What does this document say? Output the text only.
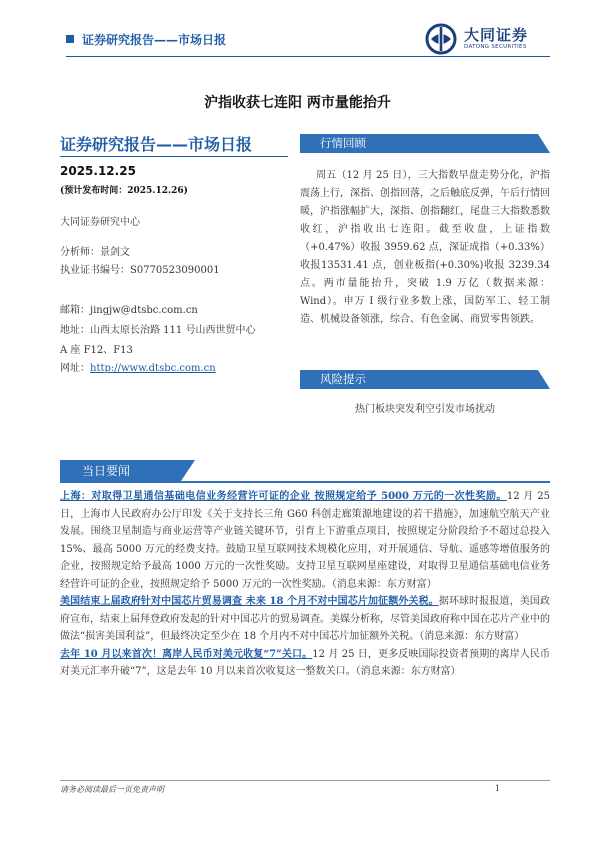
证券研究报告——市场日报	大同证券
DATONG SECURITIES
沪指收获七连阳 两市量能抬升
证券研究报告——市场日报
2025.12.25
(预计发布时间：2025.12.26)
大同证券研究中心
分析师：景剑文
执业证书编号：S0770523090001
邮箱：jingjw@dtsbc.com.cn
地址：山西太原长治路 111 号山西世贸中心
A 座 F12、F13
网址：http://www.dtsbc.com.cn
行情回顾
周五（12 月 25 日），三大指数早盘走势分化，沪指震荡上行，深指、创指回落，之后触底反弹，午后行情回暖，沪指涨幅扩大，深指、创指翻红，尾盘三大指数悉数收红，沪指收出七连阳。截至收盘，上证指数（+0.47%）收报 3959.62 点，深证成指（+0.33%）收报13531.41 点，创业板指(+0.30%)收报 3239.34点。两市量能抬升，突破 1.9 万亿（数据来源：Wind）。申万 I 级行业多数上涨，国防军工、轻工制造、机械设备领涨，综合、有色金属、商贸零售领跌。
风险提示
热门板块突发利空引发市场扰动
当日要闻

上海：对取得卫星通信基础电信业务经营许可证的企业 按照规定给予 5000 万元的一次性奖励。12 月 25 日，上海市人民政府办公厅印发《关于支持长三角 G60 科创走廊策源地建设的若干措施》，加速航空航天产业发展。围绕卫星制造与商业运营等产业链关键环节，引育上下游重点项目，按照规定分阶段给予不超过总投入 15%、最高 5000 万元的经费支持。鼓励卫星互联网技术规模化应用，对开展通信、导航、遥感等增值服务的企业，按照规定给予最高 1000 万元的一次性奖励。支持卫星互联网星座建设，对取得卫星通信基础电信业务经营许可证的企业，按照规定给予 5000 万元的一次性奖励。（消息来源：东方财富）

美国结束上届政府针对中国芯片贸易调查 未来 18 个月不对中国芯片加征额外关税。据环球时报报道，美国政府宣布，结束上届拜登政府发起的针对中国芯片的贸易调查。美媒分析称，尽管美国政府称中国在芯片产业中的做法“损害美国利益”，但最终决定至少在 18 个月内不对中国芯片加征额外关税。（消息来源：东方财富）

去年 10 月以来首次！离岸人民币对美元收复“7”关口。12 月 25 日，更多反映国际投资者预期的离岸人民币对美元汇率升破“7”，这是去年 10 月以来首次收复这一整数关口。（消息来源：东方财富）

请务必阅读最后一页免责声明	1
